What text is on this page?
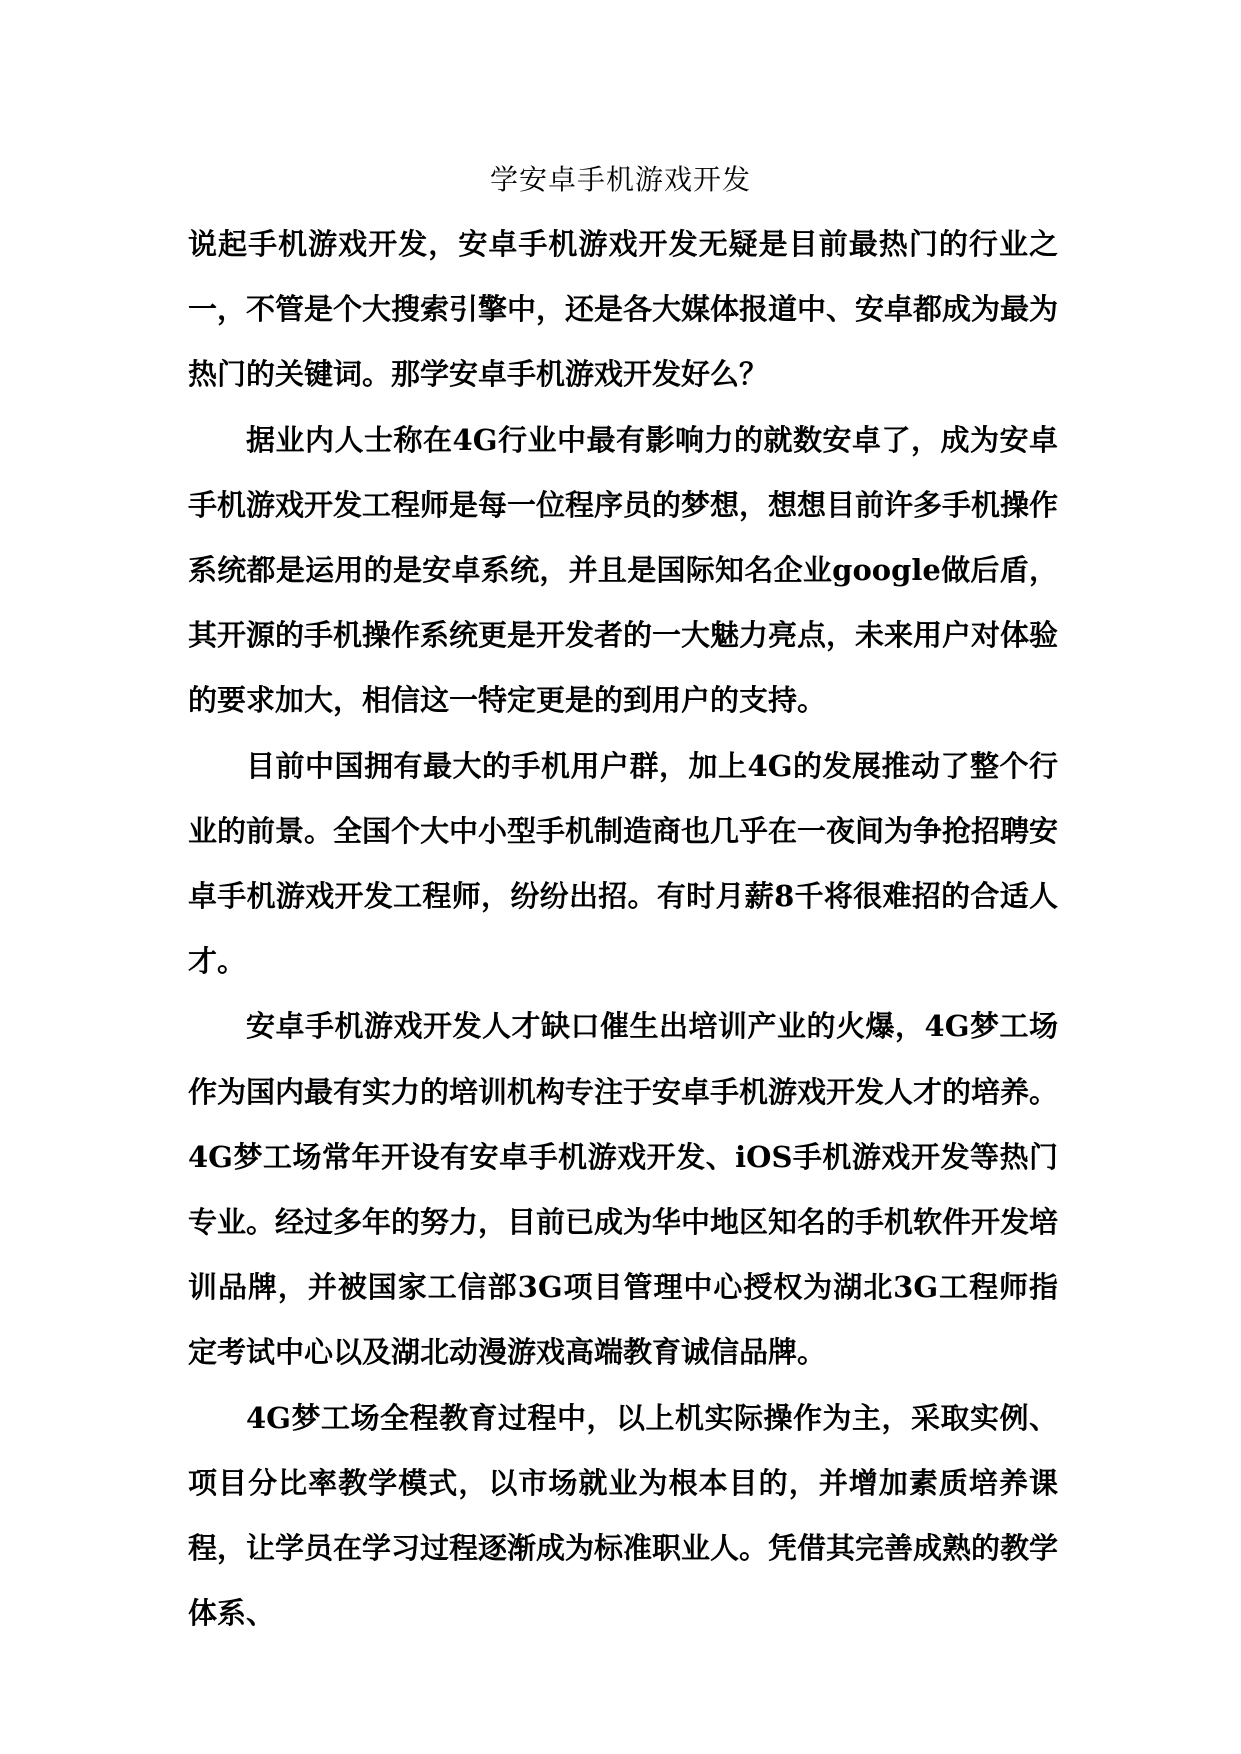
学安卓手机游戏开发

说起手机游戏开发，安卓手机游戏开发无疑是目前最热门的行业之一，不管是个大搜索引擎中，还是各大媒体报道中、安卓都成为最为热门的关键词。那学安卓手机游戏开发好么？

据业内人士称在4G行业中最有影响力的就数安卓了，成为安卓手机游戏开发工程师是每一位程序员的梦想，想想目前许多手机操作系统都是运用的是安卓系统，并且是国际知名企业google做后盾，其开源的手机操作系统更是开发者的一大魅力亮点，未来用户对体验的要求加大，相信这一特定更是的到用户的支持。

目前中国拥有最大的手机用户群，加上4G的发展推动了整个行业的前景。全国个大中小型手机制造商也几乎在一夜间为争抢招聘安卓手机游戏开发工程师，纷纷出招。有时月薪8千将很难招的合适人才。

安卓手机游戏开发人才缺口催生出培训产业的火爆，4G梦工场作为国内最有实力的培训机构专注于安卓手机游戏开发人才的培养。4G梦工场常年开设有安卓手机游戏开发、iOS手机游戏开发等热门专业。经过多年的努力，目前已成为华中地区知名的手机软件开发培训品牌，并被国家工信部3G项目管理中心授权为湖北3G工程师指定考试中心以及湖北动漫游戏高端教育诚信品牌。

4G梦工场全程教育过程中，以上机实际操作为主，采取实例、项目分比率教学模式，以市场就业为根本目的，并增加素质培养课程，让学员在学习过程逐渐成为标准职业人。凭借其完善成熟的教学体系、
